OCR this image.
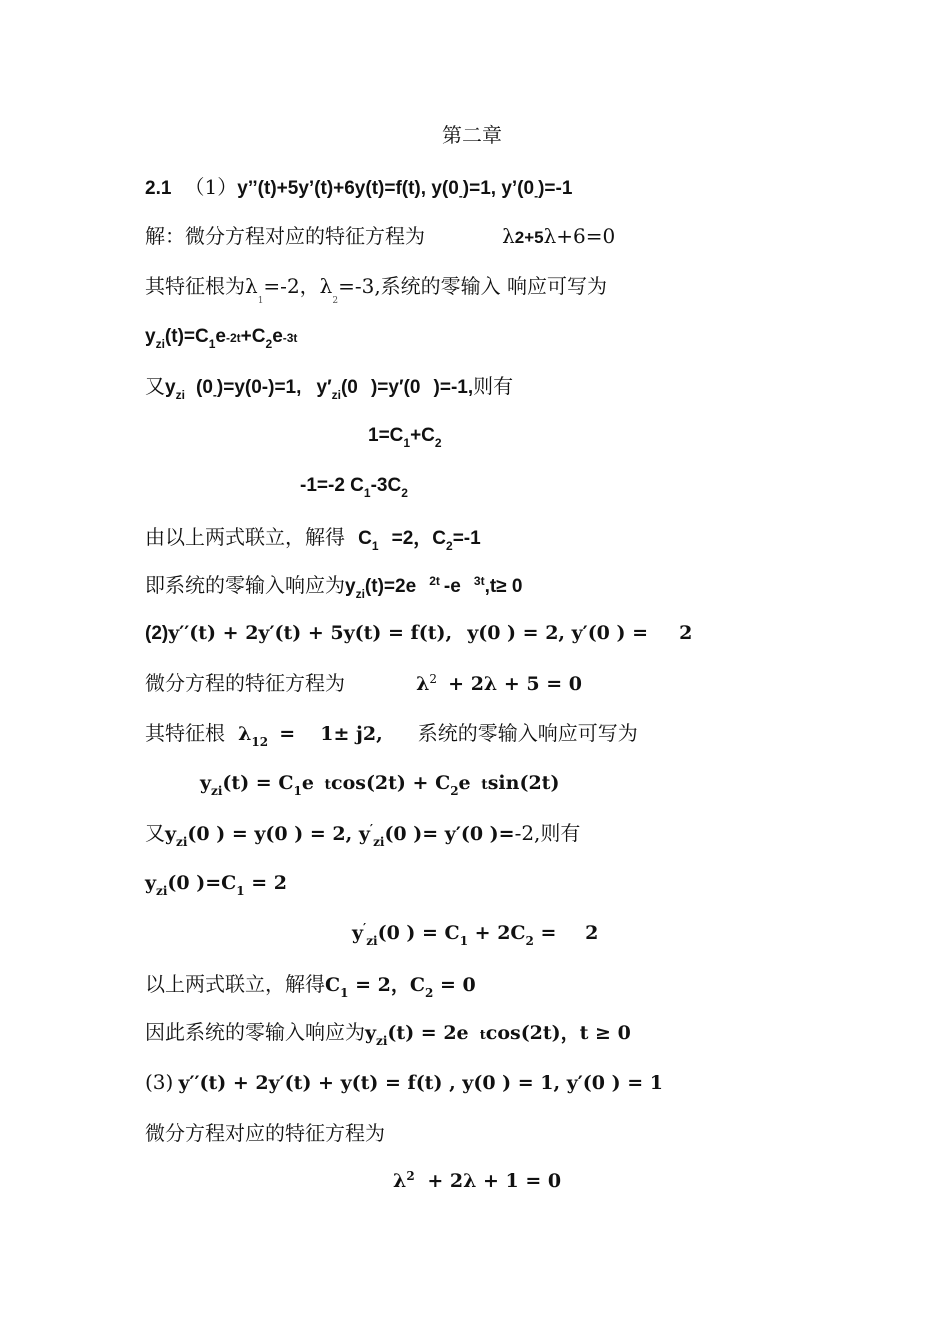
第二章
2.1 （1）y’’(t)+5y’(t)+6y(t)=f(t), $y(0_-)=1$, $y’(0_-)=-1$
解：微分方程对应的特征方程为	λ2+5λ+6=0
其特征根为$\lambda_1=-2$，$\lambda_2=-3$,系统的零输入 响应可写为
$y_{zi}(t)=C_1e-2t+C_2e-3t$
又$y_{zi}$ $(0_-)=y(0-)=1$, $y'_{zi}(0$ )=y′(0 )=-1,则有
$1=C_1+C_2$
-1=-2 $C_1-3C_2$
由以上两式联立，解得 $C_1 =2$，$C_2=-1$
即系统的零输入响应为$y_{zi}(t)=2e$ $^{2t}$ -e $^{3t}$,t≥ 0
(2)y′′(t) + 2y′(t) + 5y(t) = f(t), y(0 ) = 2, y′(0 ) = 2
微分方程的特征方程为	$\lambda^2 + 2\lambda + 5 = 0$
其特征根 $\lambda_{12} = 1\pm j2$, 系统的零输入响应可写为
$y_{zi}(t) = C_1e$ $tcos(2t) + C_2e$ tsin(2t)
又$y_{zi}(0$ ) = y(0 ) = 2, $y'_{zi}(0$ )= y′(0 )=-2,则有
$y_{zi}(0$ )$=C_1 = 2$
$y'_{zi}(0$ ) = $C_1 + 2C_2 = 2$
以上两式联立，解得$C_1 = 2$，$C_2 = 0$
因此系统的零输入响应为$y_{zi}(t) = 2e$ tcos(2t)，t ≥ 0
(3) y′′(t) + 2y′(t) + y(t) = f(t) , y(0 ) = 1, y′(0 ) = 1
微分方程对应的特征方程为
$\lambda^2 + 2\lambda + 1 = 0$
